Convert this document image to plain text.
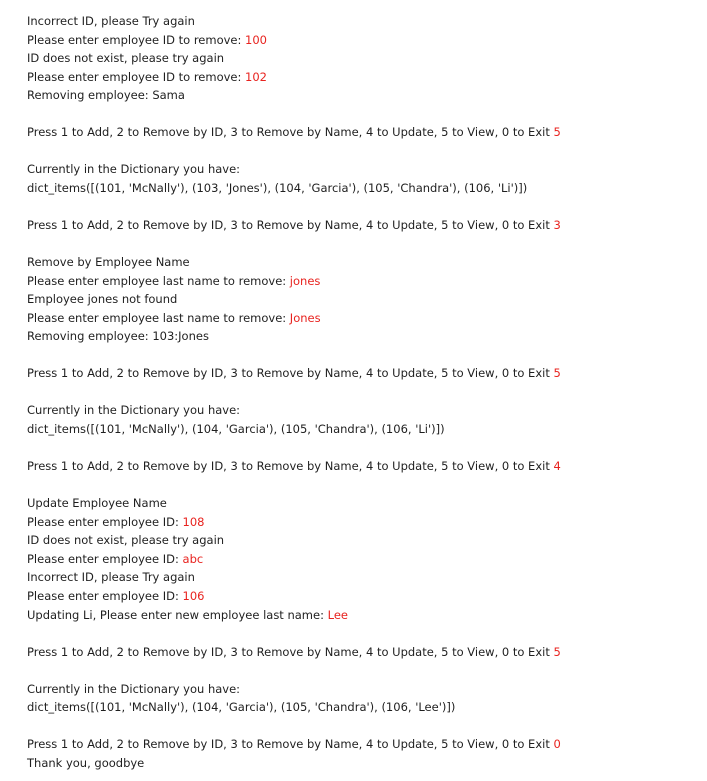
Incorrect ID, please Try again
Please enter employee ID to remove: 100
ID does not exist, please try again
Please enter employee ID to remove: 102
Removing employee: Sama
Press 1 to Add, 2 to Remove by ID, 3 to Remove by Name, 4 to Update, 5 to View, 0 to Exit 5
Currently in the Dictionary you have:
dict_items([(101, 'McNally'), (103, 'Jones'), (104, 'Garcia'), (105, 'Chandra'), (106, 'Li')])
Press 1 to Add, 2 to Remove by ID, 3 to Remove by Name, 4 to Update, 5 to View, 0 to Exit 3
Remove by Employee Name
Please enter employee last name to remove: jones
Employee jones not found
Please enter employee last name to remove: Jones
Removing employee: 103:Jones
Press 1 to Add, 2 to Remove by ID, 3 to Remove by Name, 4 to Update, 5 to View, 0 to Exit 5
Currently in the Dictionary you have:
dict_items([(101, 'McNally'), (104, 'Garcia'), (105, 'Chandra'), (106, 'Li')])
Press 1 to Add, 2 to Remove by ID, 3 to Remove by Name, 4 to Update, 5 to View, 0 to Exit 4
Update Employee Name
Please enter employee ID: 108
ID does not exist, please try again
Please enter employee ID: abc
Incorrect ID, please Try again
Please enter employee ID: 106
Updating Li, Please enter new employee last name: Lee
Press 1 to Add, 2 to Remove by ID, 3 to Remove by Name, 4 to Update, 5 to View, 0 to Exit 5
Currently in the Dictionary you have:
dict_items([(101, 'McNally'), (104, 'Garcia'), (105, 'Chandra'), (106, 'Lee')])
Press 1 to Add, 2 to Remove by ID, 3 to Remove by Name, 4 to Update, 5 to View, 0 to Exit 0
Thank you, goodbye
